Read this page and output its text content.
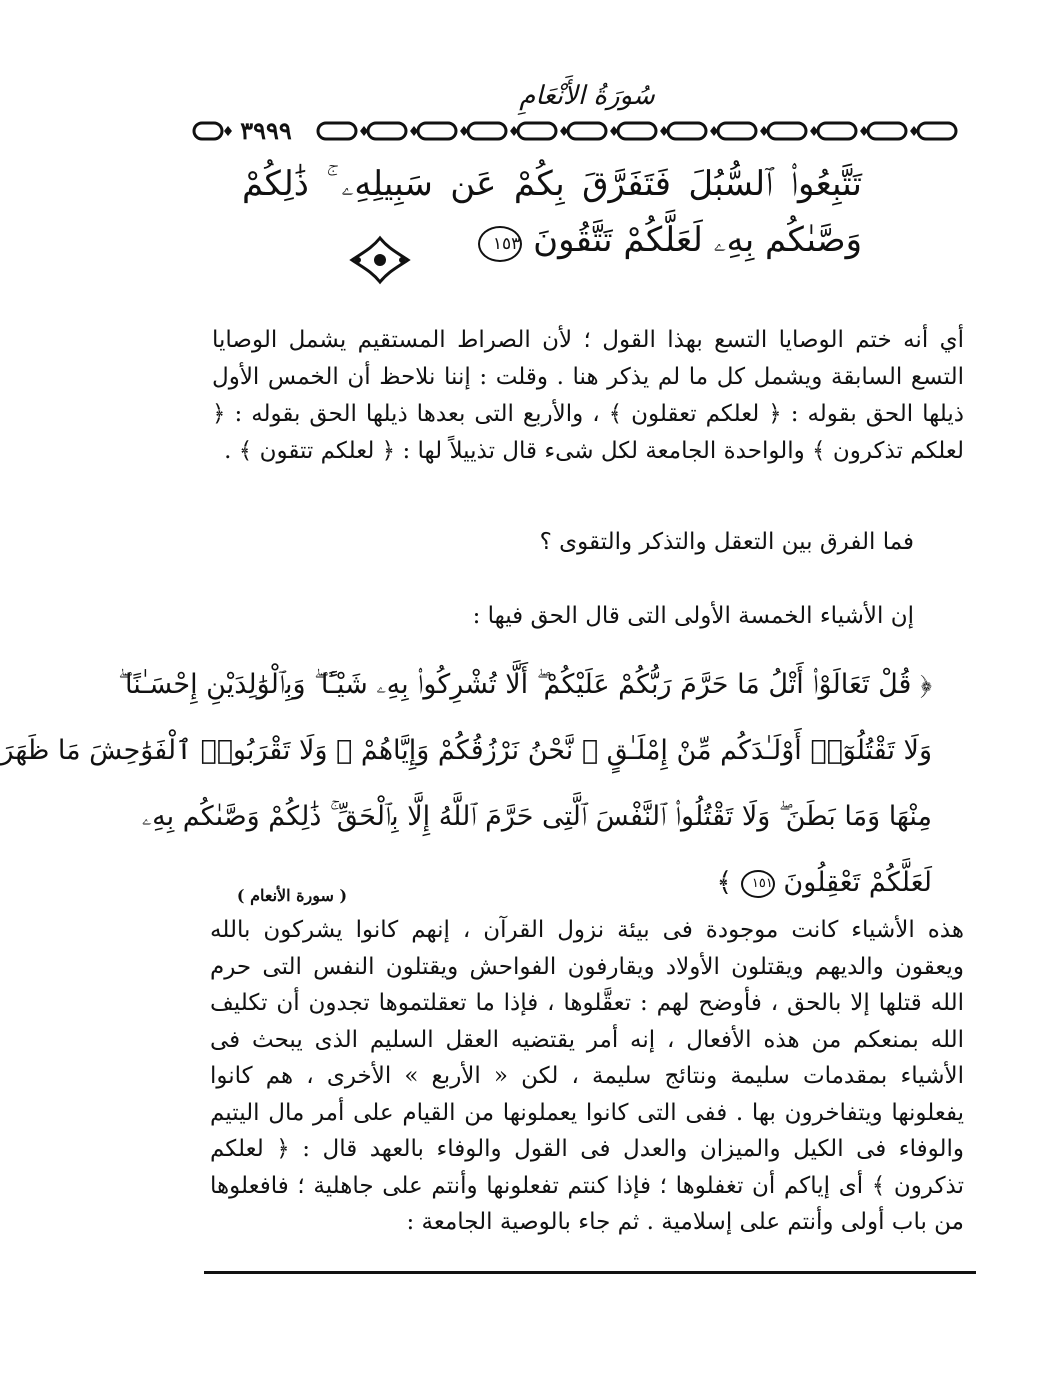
سُورَةُ الأَنْعَامِ
٣٩٩٩
تَتَّبِعُوا۟ ٱلسُّبُلَ فَتَفَرَّقَ بِكُمْ عَن سَبِيلِهِۦ ۚ ذَٰلِكُمْ
وَصَّىٰكُم بِهِۦ لَعَلَّكُمْ تَتَّقُونَ ١٥٣
أي أنه ختم الوصايا التسع بهذا القول ؛ لأن الصراط المستقيم يشمل الوصايا التسع السابقة ويشمل كل ما لم يذكر هنا . وقلت : إننا نلاحظ أن الخمس الأول ذيلها الحق بقوله : ﴿ لعلكم تعقلون ﴾ ، والأربع التى بعدها ذيلها الحق بقوله : ﴿ لعلكم تذكرون ﴾ والواحدة الجامعة لكل شىء قال تذييلاً لها : ﴿ لعلكم تتقون ﴾ .
فما الفرق بين التعقل والتذكر والتقوى ؟
إن الأشياء الخمسة الأولى التى قال الحق فيها :
﴿ قُلْ تَعَالَوْا۟ أَتْلُ مَا حَرَّمَ رَبُّكُمْ عَلَيْكُمْ ۖ أَلَّا تُشْرِكُوا۟ بِهِۦ شَيْـًٔا ۖ وَبِٱلْوَٰلِدَيْنِ إِحْسَـٰنًا ۖ
وَلَا تَقْتُلُوٓا۟ أَوْلَـٰدَكُم مِّنْ إِمْلَـٰقٍ ۖ نَّحْنُ نَرْزُقُكُمْ وَإِيَّاهُمْ ۖ وَلَا تَقْرَبُوا۟ ٱلْفَوَٰحِشَ مَا ظَهَرَ
مِنْهَا وَمَا بَطَنَ ۖ وَلَا تَقْتُلُوا۟ ٱلنَّفْسَ ٱلَّتِى حَرَّمَ ٱللَّهُ إِلَّا بِٱلْحَقِّ ۚ ذَٰلِكُمْ وَصَّىٰكُم بِهِۦ
لَعَلَّكُمْ تَعْقِلُونَ ١٥١ ﴾
( سورة الأنعام )
هذه الأشياء كانت موجودة فى بيئة نزول القرآن ، إنهم كانوا يشركون بالله ويعقون والديهم ويقتلون الأولاد ويقارفون الفواحش ويقتلون النفس التى حرم الله قتلها إلا بالحق ، فأوضح لهم : تعقَّلوها ، فإذا ما تعقلتموها تجدون أن تكليف الله بمنعكم من هذه الأفعال ، إنه أمر يقتضيه العقل السليم الذى يبحث فى الأشياء بمقدمات سليمة ونتائج سليمة ، لكن « الأربع » الأخرى ، هم كانوا يفعلونها ويتفاخرون بها . ففى التى كانوا يعملونها من القيام على أمر مال اليتيم والوفاء فى الكيل والميزان والعدل فى القول والوفاء بالعهد قال : ﴿ لعلكم تذكرون ﴾ أى إياكم أن تغفلوها ؛ فإذا كنتم تفعلونها وأنتم على جاهلية ؛ فافعلوها من باب أولى وأنتم على إسلامية . ثم جاء بالوصية الجامعة :
